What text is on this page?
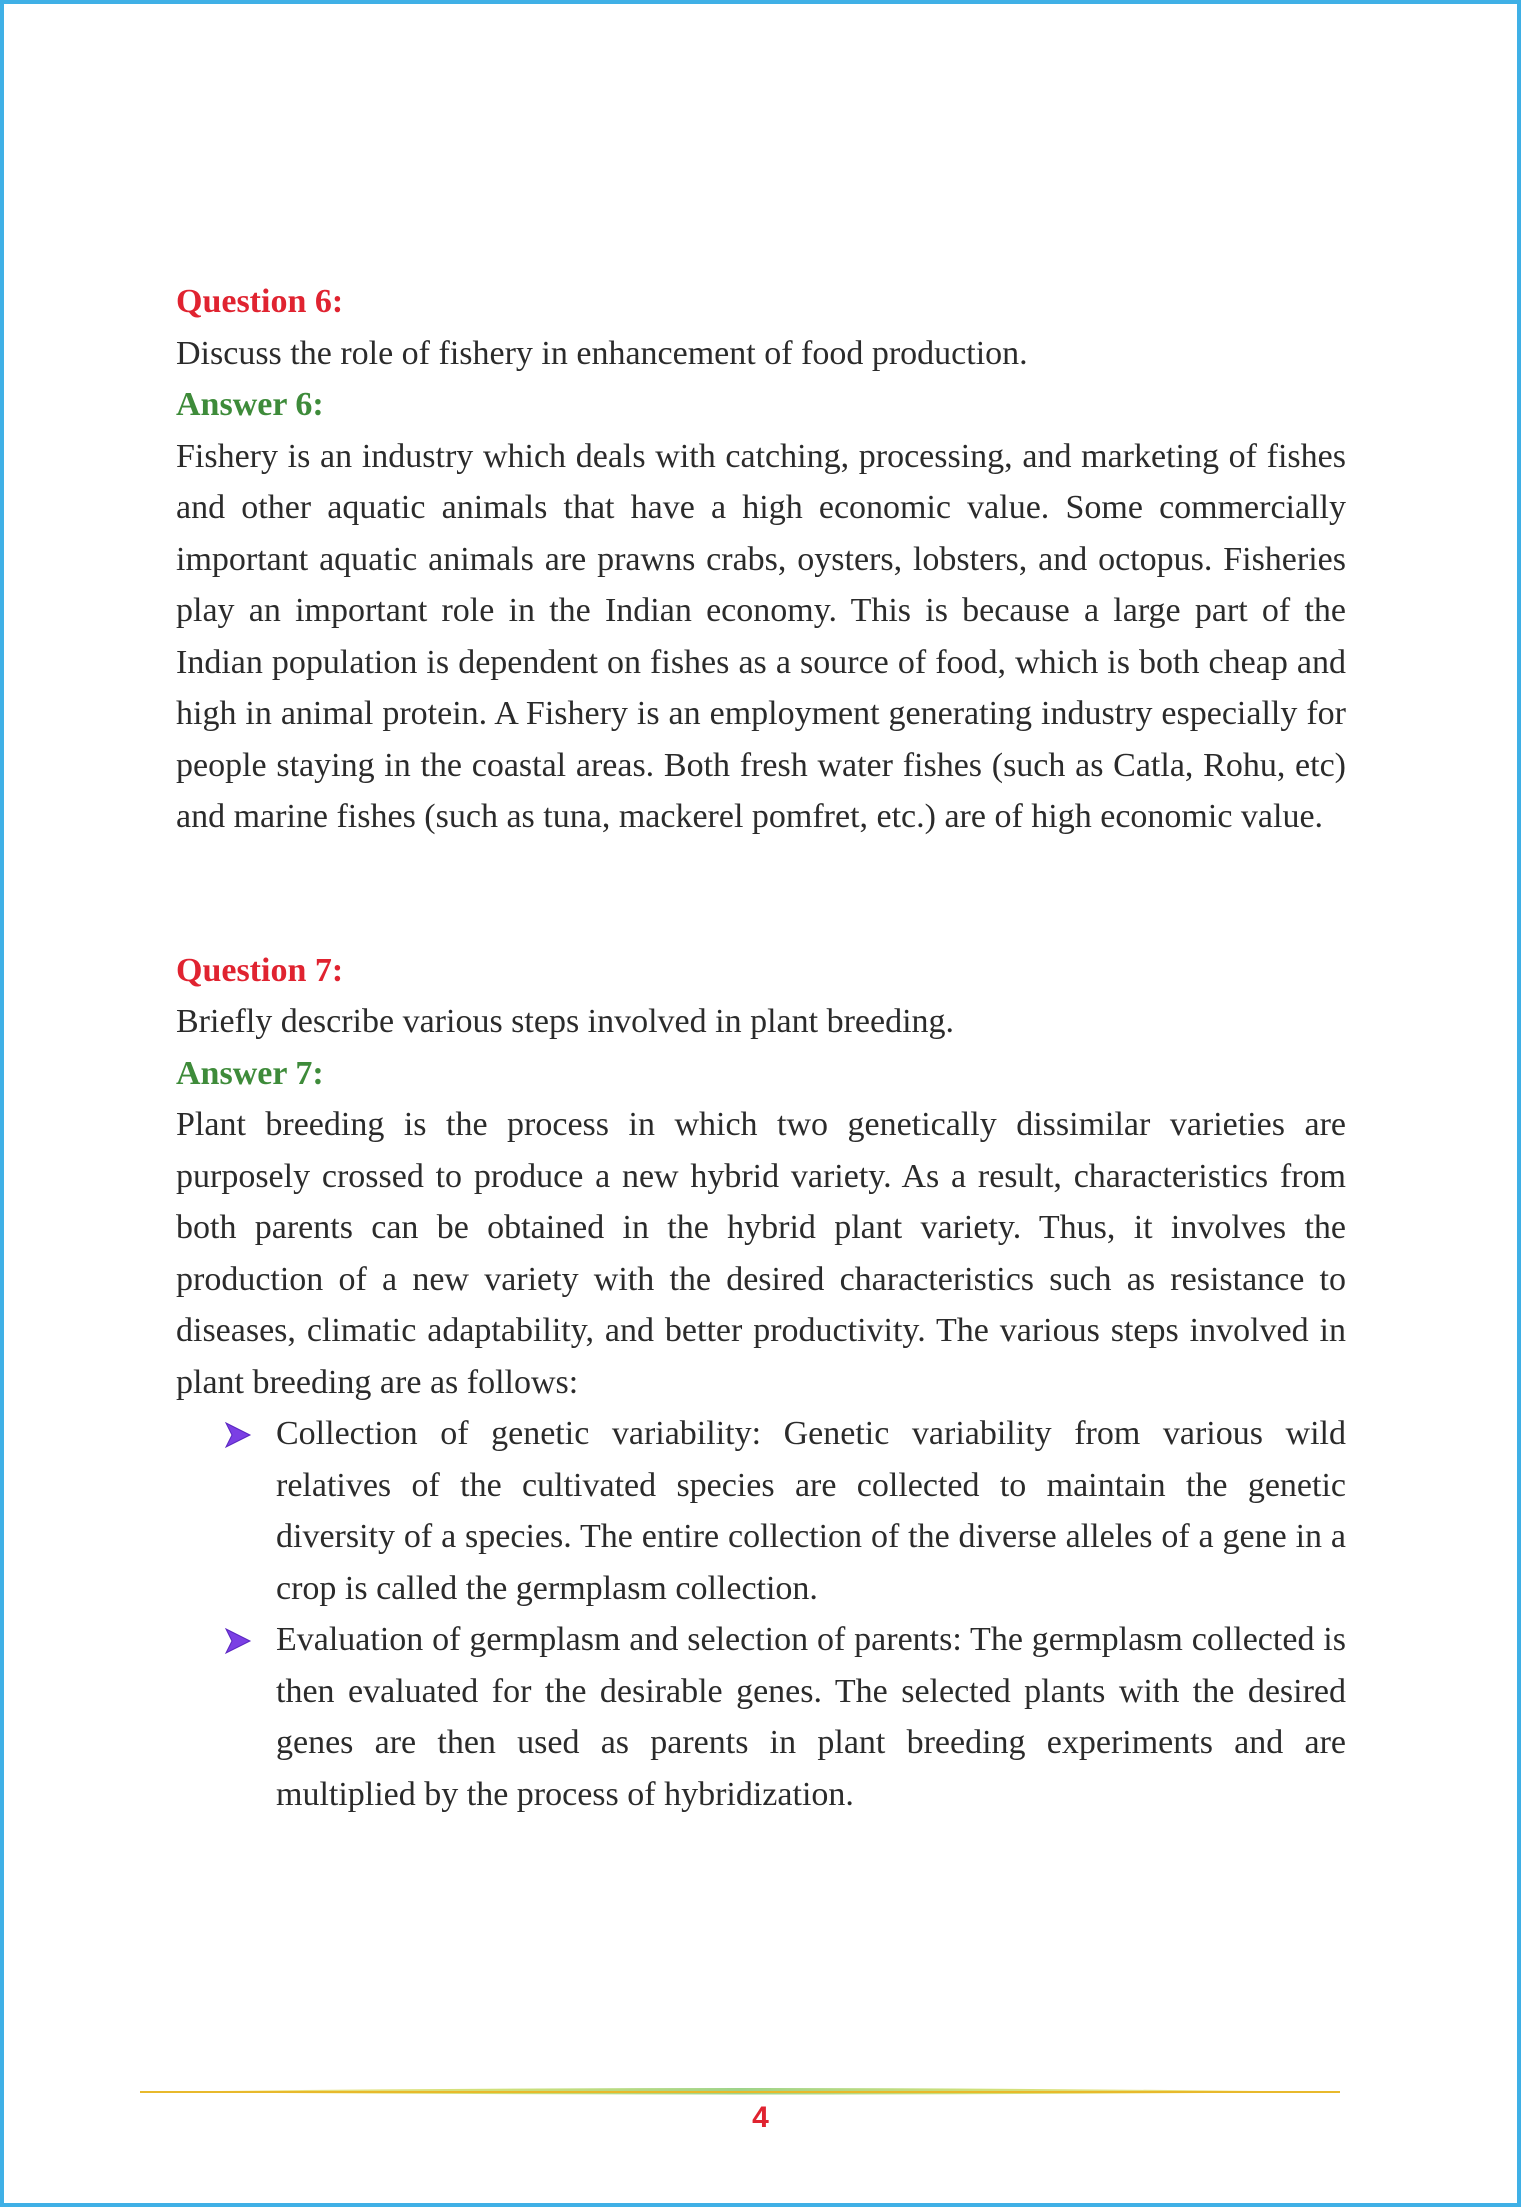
Question 6:

Discuss the role of fishery in enhancement of food production.

Answer 6:

Fishery is an industry which deals with catching, processing, and marketing of fishes and other aquatic animals that have a high economic value. Some commercially important aquatic animals are prawns crabs, oysters, lobsters, and octopus. Fisheries play an important role in the Indian economy. This is because a large part of the Indian population is dependent on fishes as a source of food, which is both cheap and high in animal protein. A Fishery is an employment generating industry especially for people staying in the coastal areas. Both fresh water fishes (such as Catla, Rohu, etc) and marine fishes (such as tuna, mackerel pomfret, etc.) are of high economic value.

Question 7:

Briefly describe various steps involved in plant breeding.

Answer 7:

Plant breeding is the process in which two genetically dissimilar varieties are purposely crossed to produce a new hybrid variety. As a result, characteristics from both parents can be obtained in the hybrid plant variety. Thus, it involves the production of a new variety with the desired characteristics such as resistance to diseases, climatic adaptability, and better productivity. The various steps involved in plant breeding are as follows:

Collection of genetic variability: Genetic variability from various wild relatives of the cultivated species are collected to maintain the genetic diversity of a species. The entire collection of the diverse alleles of a gene in a crop is called the germplasm collection.
Evaluation of germplasm and selection of parents: The germplasm collected is then evaluated for the desirable genes. The selected plants with the desired genes are then used as parents in plant breeding experiments and are multiplied by the process of hybridization.
4
